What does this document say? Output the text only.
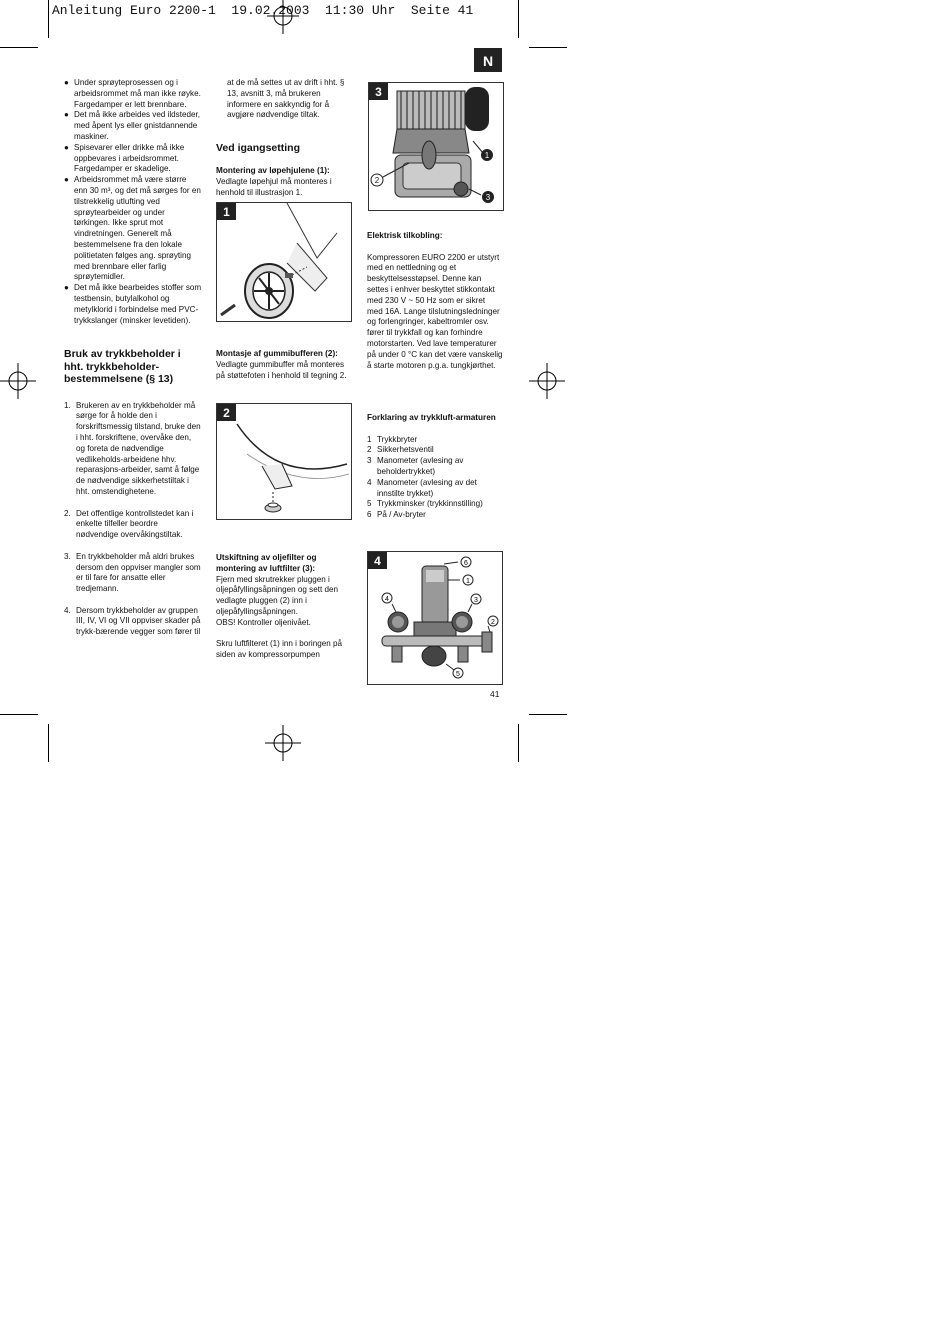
Anleitung Euro 2200-1  19.02.2003  11:30 Uhr  Seite 41
N
● Under sprøyteprosessen og i arbeidsrommet må man ikke røyke. Fargedamper er lett brennbare.
● Det må ikke arbeides ved ildsteder, med åpent lys eller gnistdannende maskiner.
● Spisevarer eller drikke må ikke oppbevares i arbeidsrommet. Fargedamper er skadelige.
● Arbeidsrommet må være større enn 30 m³, og det må sørges for en tilstrekkelig utlufting ved sprøytearbeider og under tørkingen. Ikke sprut mot vindretningen. Generelt må bestemmelsene fra den lokale politietaten følges ang. sprøyting med brennbare eller farlig sprøytemidler.
● Det må ikke bearbeides stoffer som testbensin, butylalkohol og metylklorid i forbindelse med PVC-trykkslanger (minsker levetiden).
Bruk av trykkbeholder i hht. trykkbeholder-bestemmelsene (§ 13)
1. Brukeren av en trykkbeholder må sørge for å holde den i forskriftsmessig tilstand, bruke den i hht. forskriftene, overvåke den, og foreta de nødvendige vedlikeholds-arbeidene hhv. reparasjons-arbeider, samt å følge de nødvendige sikkerhetstiltak i hht. omstendighetene.
2. Det offentlige kontrollstedet kan i enkelte tilfeller beordre nødvendige overvåkingstiltak.
3. En trykkbeholder må aldri brukes dersom den oppviser mangler som er til fare for ansatte eller tredjemann.
4. Dersom trykkbeholder av gruppen III, IV, VI og VII oppviser skader på trykk-bærende vegger som fører til

at de må settes ut av drift i hht. § 13, avsnitt 3, må brukeren informere en sakkyndig for å avgjøre nødvendige tiltak.

Ved igangsetting
Montering av løpehjulene (1):

Vedlagte løpehjul må monteres i henhold til illustrasjon 1.

1
Montasje af gummibufferen (2):

Vedlagte gummibuffer må monteres på støttefoten i henhold til tegning 2.

2
Utskiftning av oljefilter og montering av luftfilter (3):

Fjern med skrutrekker pluggen i oljepåfyllingsåpningen og sett den vedlagte pluggen (2) inn i oljepåfyllingsåpningen.

OBS! Kontroller oljenivået.

Skru luftfilteret (1) inn i boringen på siden av kompressorpumpen

3
1
2
3
Elektrisk tilkobling:

Kompressoren EURO 2200 er utstyrt med en nettledning og et beskyttelsesstøpsel. Denne kan settes i enhver beskyttet stikkontakt med 230 V ~ 50 Hz som er sikret med 16A. Lange tilslutningsledninger og forlengringer, kabeltromler osv. fører til trykkfall og kan forhindre motorstarten. Ved lave temperaturer på under 0 °C kan det være vanskelig å starte motoren p.g.a. tungkjørthet.

Forklaring av trykkluft-armaturen
1 Trykkbryter
2 Sikkerhetsventil
3 Manometer (avlesing av beholdertrykket)
4 Manometer (avlesing av det innstilte trykket)
5 Trykkminsker (trykkinnstilling)
6 På / Av-bryter
4	6
1
4	3
2
5
41
